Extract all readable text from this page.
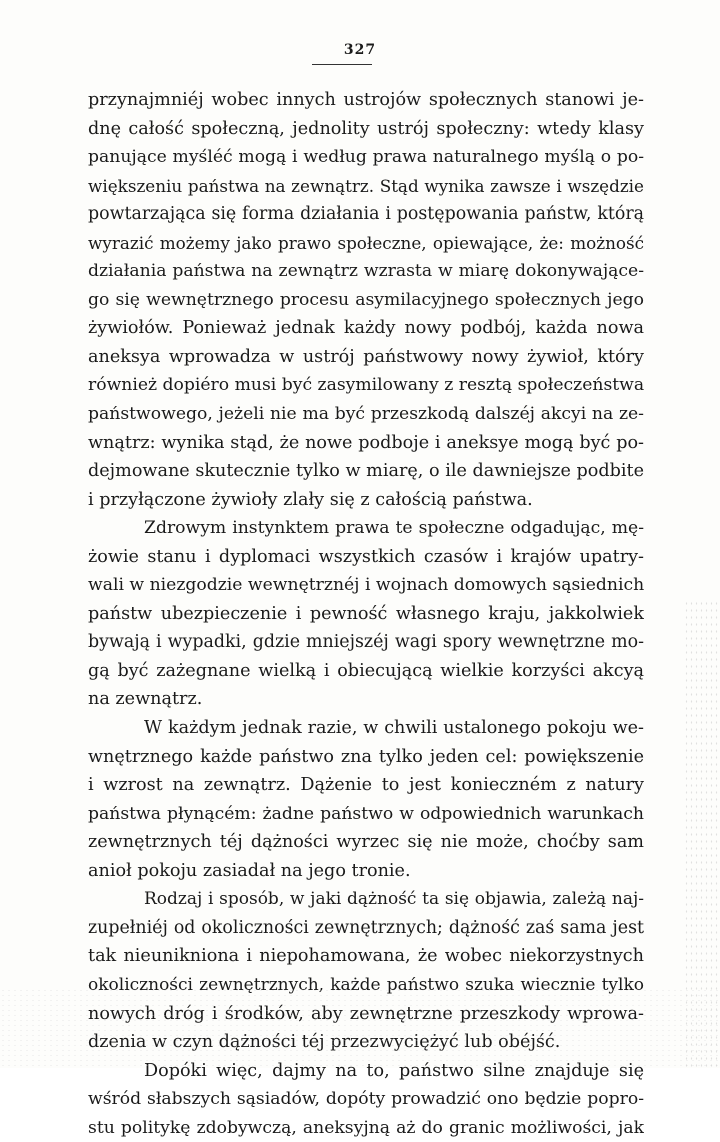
327
przynajmniéj wobec innych ustrojów społecznych stanowi je-
dnę całość społeczną, jednolity ustrój społeczny: wtedy klasy
panujące myśléć mogą i według prawa naturalnego myślą o po-
większeniu państwa na zewnątrz. Stąd wynika zawsze i wszędzie
powtarzająca się forma działania i postępowania państw, którą
wyrazić możemy jako prawo społeczne, opiewające, że: możność
działania państwa na zewnątrz wzrasta w miarę dokonywające-
go się wewnętrznego procesu asymilacyjnego społecznych jego
żywiołów. Ponieważ jednak każdy nowy podbój, każda nowa
aneksya wprowadza w ustrój państwowy nowy żywioł, który
również dopiéro musi być zasymilowany z resztą społeczeństwa
państwowego, jeżeli nie ma być przeszkodą dalszéj akcyi na ze-
wnątrz: wynika stąd, że nowe podboje i aneksye mogą być po-
dejmowane skutecznie tylko w miarę, o ile dawniejsze podbite
i przyłączone żywioły zlały się z całością państwa.
Zdrowym instynktem prawa te społeczne odgadując, mę-
żowie stanu i dyplomaci wszystkich czasów i krajów upatry-
wali w niezgodzie wewnętrznéj i wojnach domowych sąsiednich
państw ubezpieczenie i pewność własnego kraju, jakkolwiek
bywają i wypadki, gdzie mniejszéj wagi spory wewnętrzne mo-
gą być zażegnane wielką i obiecującą wielkie korzyści akcyą
na zewnątrz.
W każdym jednak razie, w chwili ustalonego pokoju we-
wnętrznego każde państwo zna tylko jeden cel: powiększenie
i wzrost na zewnątrz. Dążenie to jest konieczném z natury
państwa płynącém: żadne państwo w odpowiednich warunkach
zewnętrznych téj dążności wyrzec się nie może, choćby sam
anioł pokoju zasiadał na jego tronie.
Rodzaj i sposób, w jaki dążność ta się objawia, zależą naj-
zupełniéj od okoliczności zewnętrznych; dążność zaś sama jest
tak nieunikniona i niepohamowana, że wobec niekorzystnych
okoliczności zewnętrznych, każde państwo szuka wiecznie tylko
nowych dróg i środków, aby zewnętrzne przeszkody wprowa-
dzenia w czyn dążności téj przezwyciężyć lub obéjść.
Dopóki więc, dajmy na to, państwo silne znajduje się
wśród słabszych sąsiadów, dopóty prowadzić ono będzie popro-
stu politykę zdobywczą, aneksyjną aż do granic możliwości, jak
